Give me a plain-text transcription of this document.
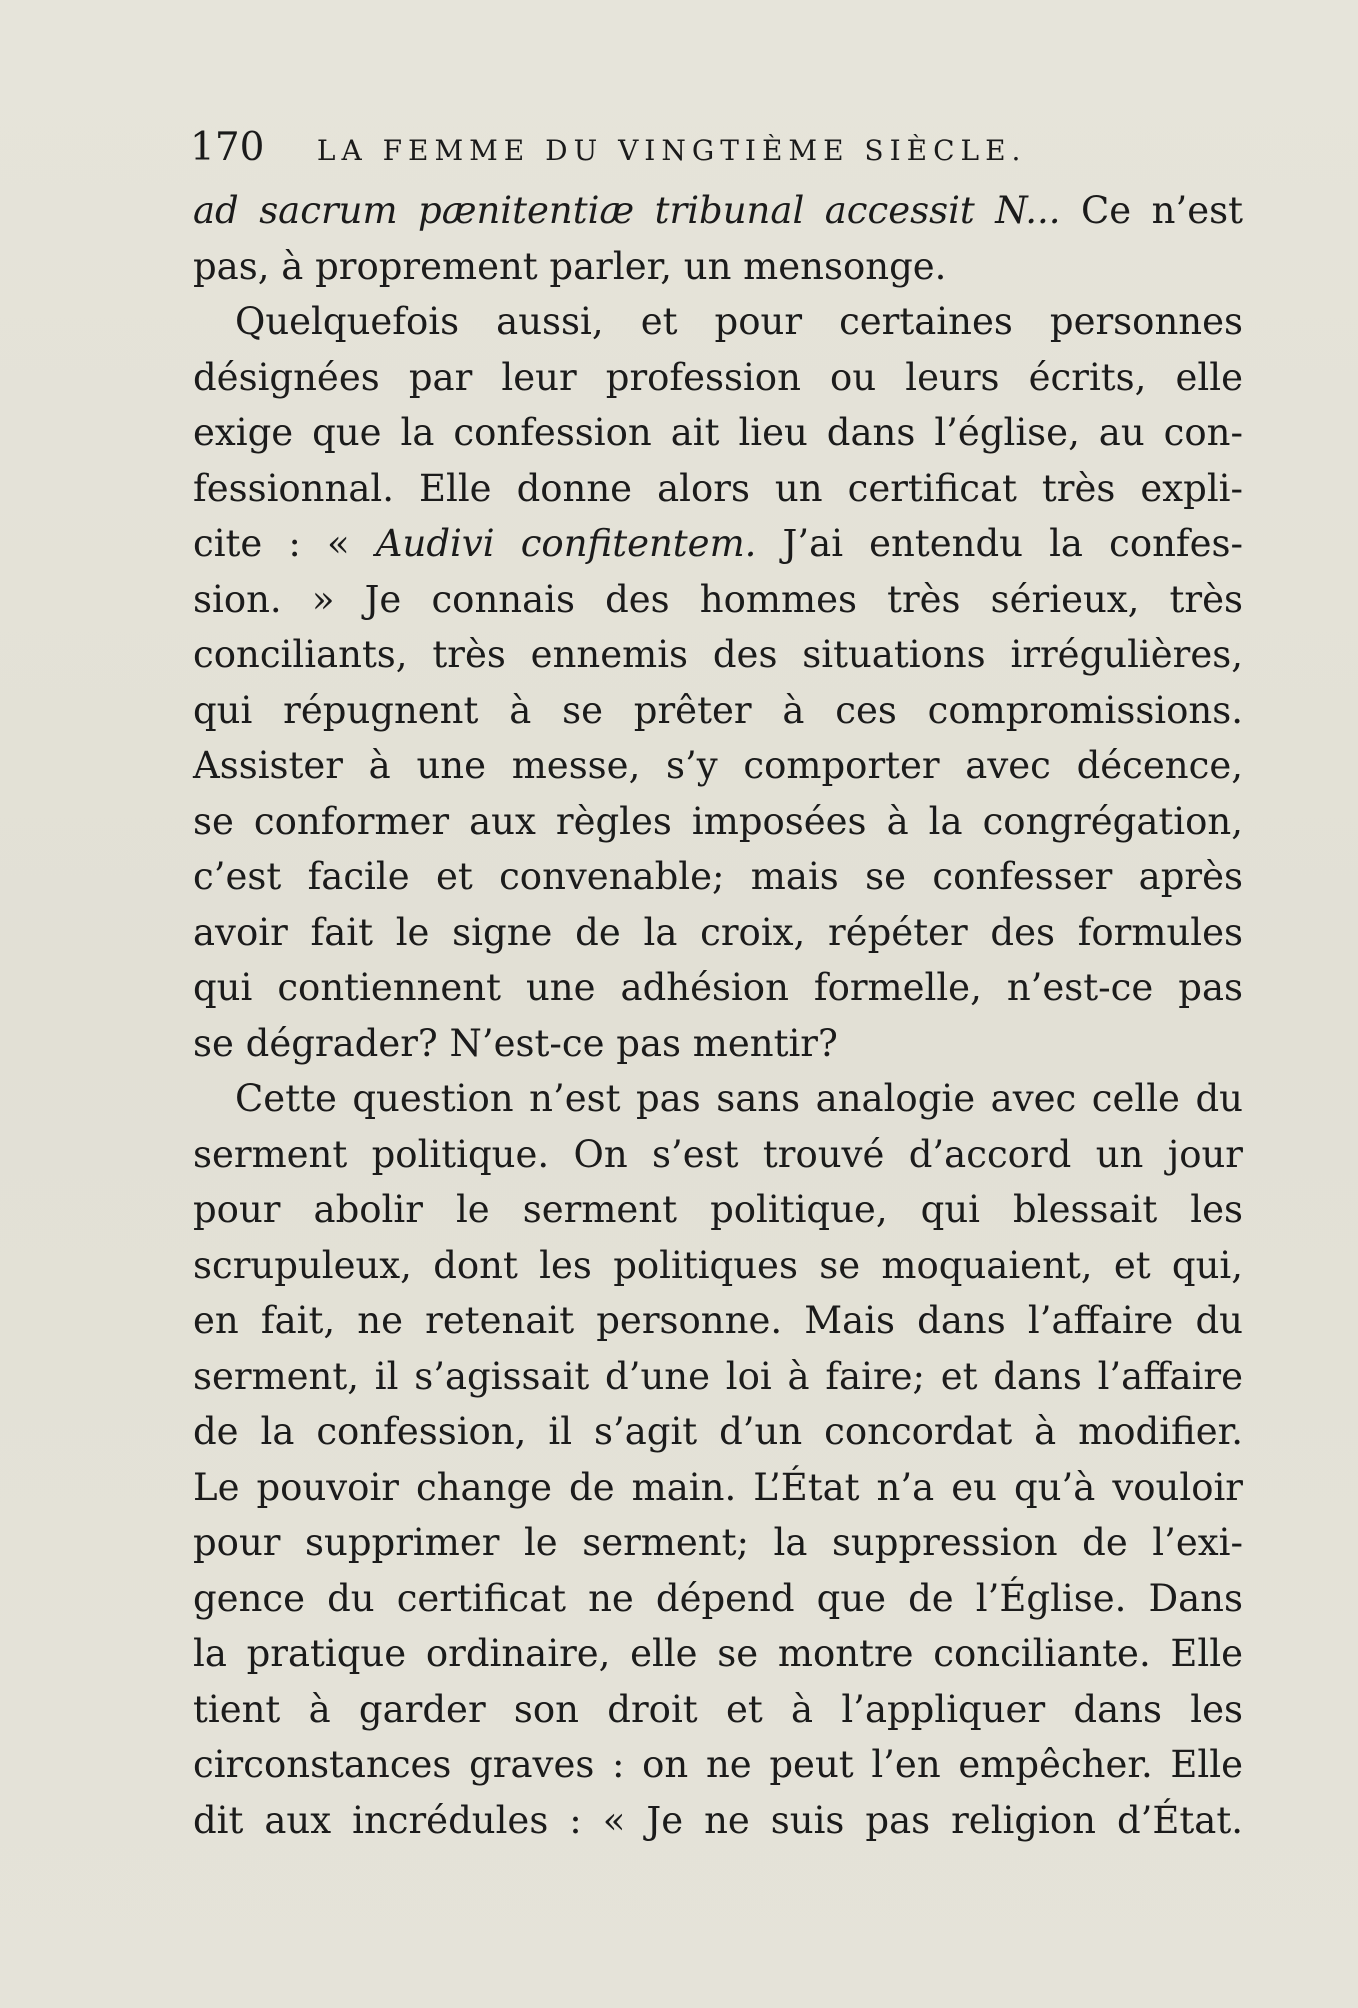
170 LA FEMME DU VINGTIÈME SIÈCLE.
ad sacrum pænitentiæ tribunal accessit N... Ce n’est
pas, à proprement parler, un mensonge.
Quelquefois aussi, et pour certaines personnes
désignées par leur profession ou leurs écrits, elle
exige que la confession ait lieu dans l’église, au con-
fessionnal. Elle donne alors un certificat très expli-
cite : « Audivi confitentem. J’ai entendu la confes-
sion. » Je connais des hommes très sérieux, très
conciliants, très ennemis des situations irrégulières,
qui répugnent à se prêter à ces compromissions.
Assister à une messe, s’y comporter avec décence,
se conformer aux règles imposées à la congrégation,
c’est facile et convenable; mais se confesser après
avoir fait le signe de la croix, répéter des formules
qui contiennent une adhésion formelle, n’est-ce pas
se dégrader? N’est-ce pas mentir?
Cette question n’est pas sans analogie avec celle du
serment politique. On s’est trouvé d’accord un jour
pour abolir le serment politique, qui blessait les
scrupuleux, dont les politiques se moquaient, et qui,
en fait, ne retenait personne. Mais dans l’affaire du
serment, il s’agissait d’une loi à faire; et dans l’affaire
de la confession, il s’agit d’un concordat à modifier.
Le pouvoir change de main. L’État n’a eu qu’à vouloir
pour supprimer le serment; la suppression de l’exi-
gence du certificat ne dépend que de l’Église. Dans
la pratique ordinaire, elle se montre conciliante. Elle
tient à garder son droit et à l’appliquer dans les
circonstances graves : on ne peut l’en empêcher. Elle
dit aux incrédules : « Je ne suis pas religion d’État.
